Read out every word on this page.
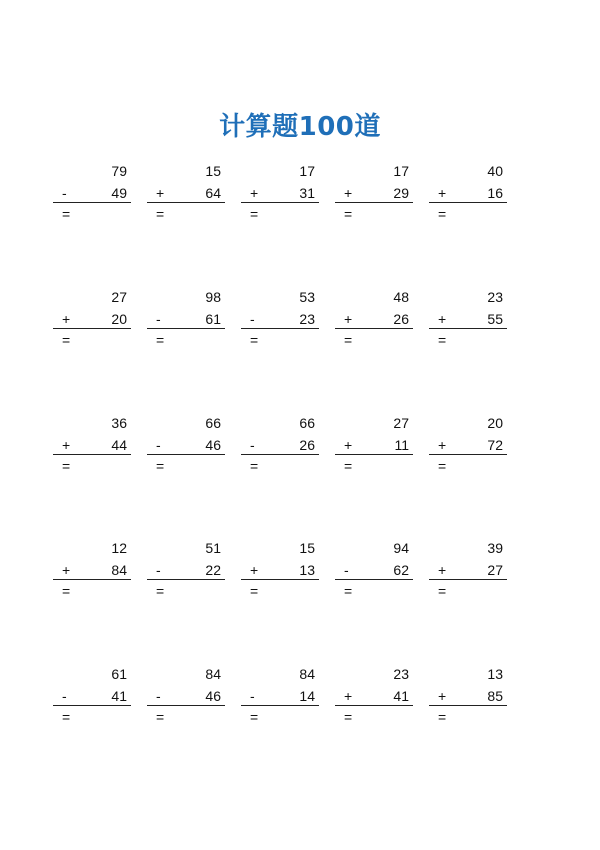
计算题100道
79
-	49
=
15
+	64
=
17
+	31
=
17
+	29
=
40
+	16
=
27
+	20
=
98
-	61
=
53
-	23
=
48
+	26
=
23
+	55
=
36
+	44
=
66
-	46
=
66
-	26
=
27
+	11
=
20
+	72
=
12
+	84
=
51
-	22
=
15
+	13
=
94
-	62
=
39
+	27
=
61
-	41
=
84
-	46
=
84
-	14
=
23
+	41
=
13
+	85
=
